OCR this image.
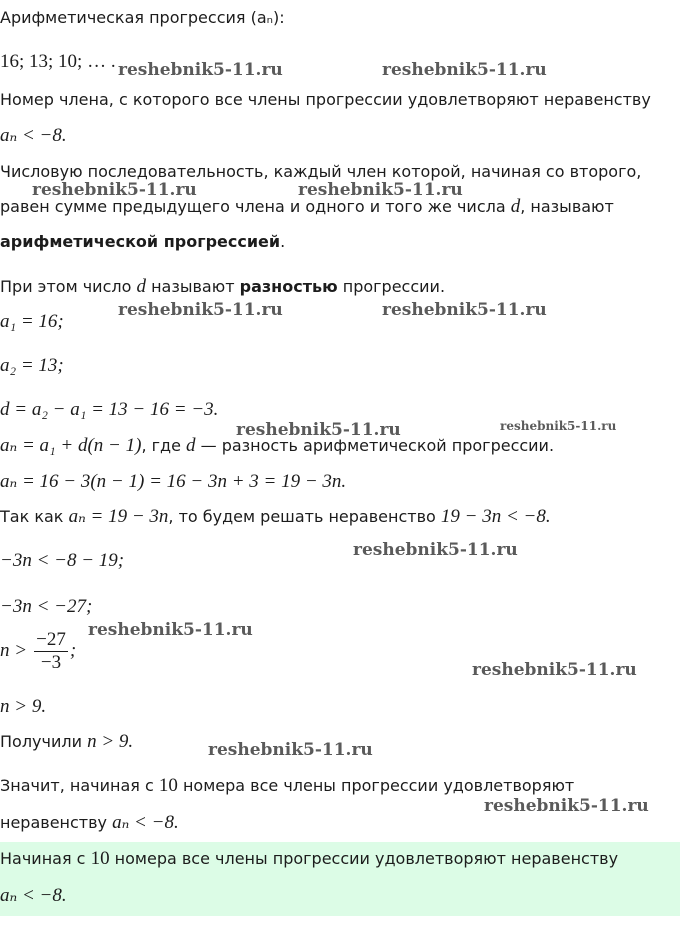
Арифметическая прогрессия (aₙ):
16; 13; 10; … .
Номер члена, с которого все члены прогрессии удовлетворяют неравенству
aₙ < −8.
Числовую последовательность, каждый член которой, начиная со второго,
равен сумме предыдущего члена и одного и того же числа d, называют
арифметической прогрессией.
При этом число d называют разностью прогрессии.
a₁ = 16;
a₂ = 13;
d = a₂ − a₁ = 13 − 16 = −3.
aₙ = a₁ + d(n − 1), где d — разность арифметической прогрессии.
aₙ = 16 − 3(n − 1) = 16 − 3n + 3 = 19 − 3n.
Так как aₙ = 19 − 3n, то будем решать неравенство 19 − 3n < −8.
−3n < −8 − 19;
−3n < −27;
$n > \frac{-27}{-3}$ ;
n > 9.
Получили n > 9.
Значит, начиная с 10 номера все члены прогрессии удовлетворяют
неравенству aₙ < −8.
Начиная с 10 номера все члены прогрессии удовлетворяют неравенству
aₙ < −8.
reshebnik5-11.ru	reshebnik5-11.ru
reshebnik5-11.ru	reshebnik5-11.ru
reshebnik5-11.ru	reshebnik5-11.ru
reshebnik5-11.ru	reshebnik5-11.ru
reshebnik5-11.ru
reshebnik5-11.ru
reshebnik5-11.ru
reshebnik5-11.ru
reshebnik5-11.ru
